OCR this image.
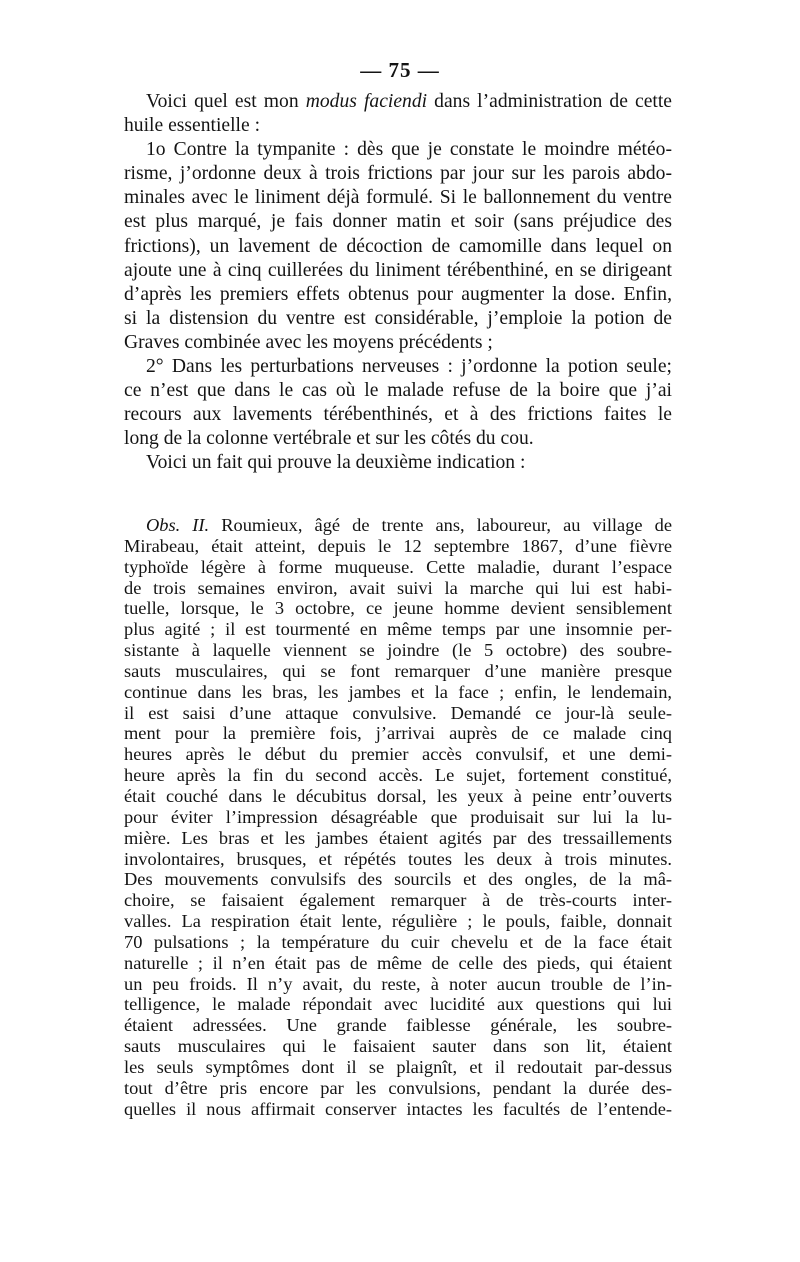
— 75 —
Voici quel est mon modus faciendi dans l’administration de cette
huile essentielle :
1o Contre la tympanite : dès que je constate le moindre météo-
risme, j’ordonne deux à trois frictions par jour sur les parois abdo-
minales avec le liniment déjà formulé. Si le ballonnement du ventre
est plus marqué, je fais donner matin et soir (sans préjudice des
frictions), un lavement de décoction de camomille dans lequel on
ajoute une à cinq cuillerées du liniment térébenthiné, en se dirigeant
d’après les premiers effets obtenus pour augmenter la dose. Enfin,
si la distension du ventre est considérable, j’emploie la potion de
Graves combinée avec les moyens précédents ;
2° Dans les perturbations nerveuses : j’ordonne la potion seule;
ce n’est que dans le cas où le malade refuse de la boire que j’ai
recours aux lavements térébenthinés, et à des frictions faites le
long de la colonne vertébrale et sur les côtés du cou.
Voici un fait qui prouve la deuxième indication :
Obs. II. Roumieux, âgé de trente ans, laboureur, au village de
Mirabeau, était atteint, depuis le 12 septembre 1867, d’une fièvre
typhoïde légère à forme muqueuse. Cette maladie, durant l’espace
de trois semaines environ, avait suivi la marche qui lui est habi-
tuelle, lorsque, le 3 octobre, ce jeune homme devient sensiblement
plus agité ; il est tourmenté en même temps par une insomnie per-
sistante à laquelle viennent se joindre (le 5 octobre) des soubre-
sauts musculaires, qui se font remarquer d’une manière presque
continue dans les bras, les jambes et la face ; enfin, le lendemain,
il est saisi d’une attaque convulsive. Demandé ce jour-là seule-
ment pour la première fois, j’arrivai auprès de ce malade cinq
heures après le début du premier accès convulsif, et une demi-
heure après la fin du second accès. Le sujet, fortement constitué,
était couché dans le décubitus dorsal, les yeux à peine entr’ouverts
pour éviter l’impression désagréable que produisait sur lui la lu-
mière. Les bras et les jambes étaient agités par des tressaillements
involontaires, brusques, et répétés toutes les deux à trois minutes.
Des mouvements convulsifs des sourcils et des ongles, de la mâ-
choire, se faisaient également remarquer à de très-courts inter-
valles. La respiration était lente, régulière ; le pouls, faible, donnait
70 pulsations ; la température du cuir chevelu et de la face était
naturelle ; il n’en était pas de même de celle des pieds, qui étaient
un peu froids. Il n’y avait, du reste, à noter aucun trouble de l’in-
telligence, le malade répondait avec lucidité aux questions qui lui
étaient adressées. Une grande faiblesse générale, les soubre-
sauts musculaires qui le faisaient sauter dans son lit, étaient
les seuls symptômes dont il se plaignît, et il redoutait par-dessus
tout d’être pris encore par les convulsions, pendant la durée des-
quelles il nous affirmait conserver intactes les facultés de l’entende-
